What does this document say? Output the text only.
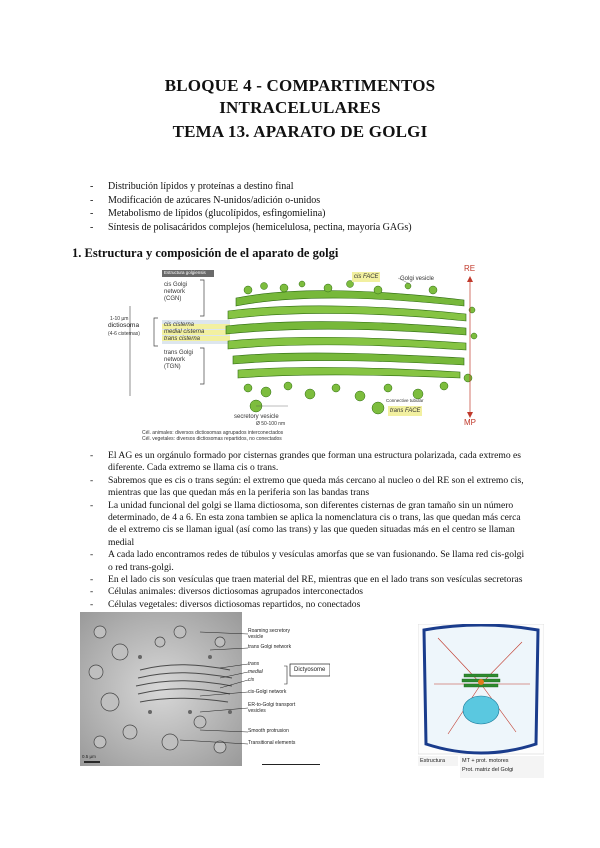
BLOQUE 4 - COMPARTIMENTOS
INTRACELULARES
TEMA 13. APARATO DE GOLGI
- Distribución lípidos y proteínas a destino final
- Modificación de azúcares N-unidos/adición o-unidos
- Metabolismo de lípidos (glucolípidos, esfingomielina)
- Síntesis de polisacáridos complejos (hemicelulosa, pectina, mayoría GAGs)
1. Estructura y composición de el aparato de golgi
Estructura golgiensis
cis Golgi network (CGN)
cis cisterna
medial cisterna
trans cisterna
trans Golgi network (TGN)
1-10 µm
dictiosoma
(4-6 cisternas)
cis FACE	Golgi vesicle
Connective tubular
trans FACE
secretory vesicle
Ø 50-100 nm
RE
MP
Cél. animales: diversos dictiosomas agrupados interconectados
Cél. vegetales: diversos dictiosomas repartidos, no conectados
- El AG es un orgánulo formado por cisternas grandes que forman una estructura polarizada, cada extremo es diferente. Cada extremo se llama cis o trans.
- Sabremos que es cis o trans según: el extremo que queda más cercano al nucleo o del RE son el extremo cis, mientras que las que quedan más en la periferia son las bandas trans
- La unidad funcional del golgi se llama dictiosoma, son diferentes cisternas de gran tamaño sin un número determinado, de 4 a 6. En esta zona tambien se aplica la nomenclatura cis o trans, las que quedan más cerca de el extremo cis se llaman igual (así como las trans) y las que queden situadas más en el centro se llaman medial
- A cada lado encontramos redes de túbulos y vesículas amorfas que se van fusionando. Se llama red cis-golgi o red trans-golgi.
- En el lado cis son vesículas que traen material del RE, mientras que en el lado trans son vesículas secretoras
- Células animales: diversos dictiosomas agrupados interconectados
- Células vegetales: diversos dictiosomas repartidos, no conectados
Roaming secretory vesicle
trans Golgi network
trans
medial
cis
Dictyosome
cis-Golgi network
ER-to-Golgi transport vesicles
Smooth protrusion
Transitional elements
0.5 µm
Estructura	MT + prot. motores
Prot. matriz del Golgi
